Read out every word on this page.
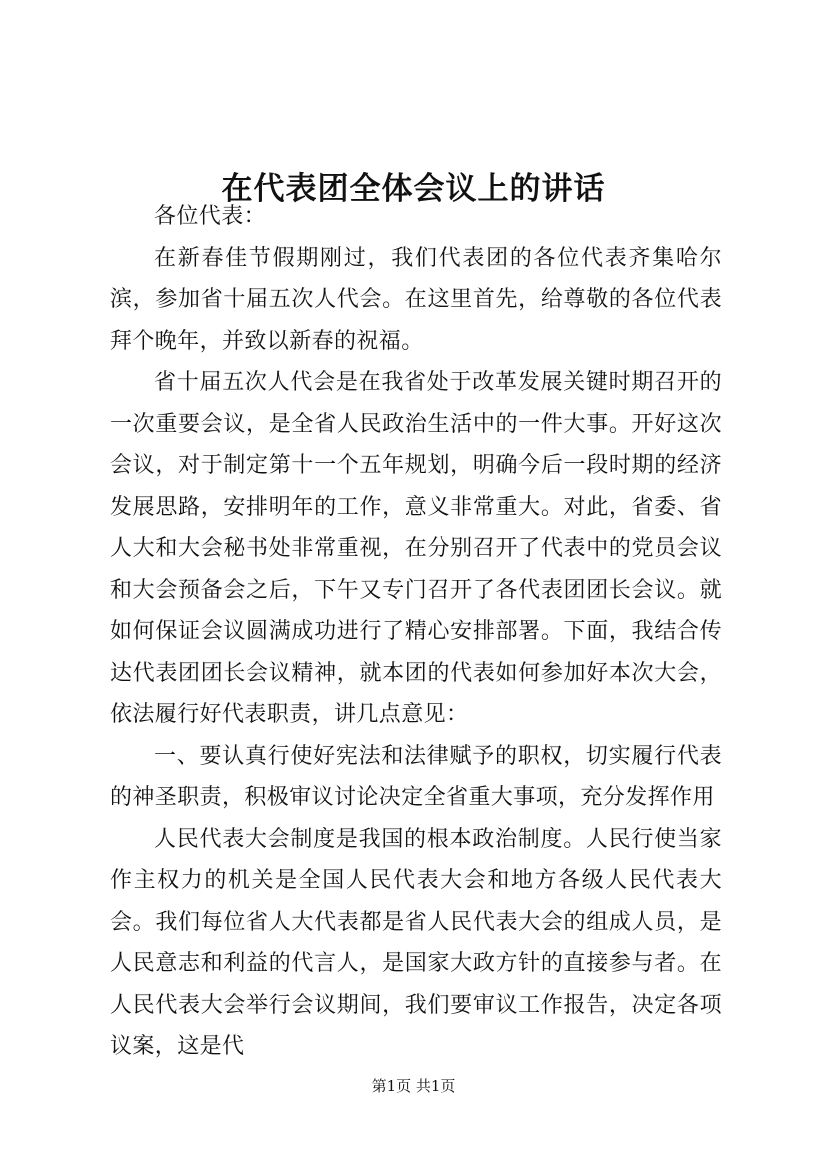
在代表团全体会议上的讲话

各位代表：

在新春佳节假期刚过，我们代表团的各位代表齐集哈尔滨，参加省十届五次人代会。在这里首先，给尊敬的各位代表拜个晚年，并致以新春的祝福。

省十届五次人代会是在我省处于改革发展关键时期召开的一次重要会议，是全省人民政治生活中的一件大事。开好这次会议，对于制定第十一个五年规划，明确今后一段时期的经济发展思路，安排明年的工作，意义非常重大。对此，省委、省人大和大会秘书处非常重视，在分别召开了代表中的党员会议和大会预备会之后，下午又专门召开了各代表团团长会议。就如何保证会议圆满成功进行了精心安排部署。下面，我结合传达代表团团长会议精神，就本团的代表如何参加好本次大会，依法履行好代表职责，讲几点意见：

一、要认真行使好宪法和法律赋予的职权，切实履行代表的神圣职责，积极审议讨论决定全省重大事项，充分发挥作用

人民代表大会制度是我国的根本政治制度。人民行使当家作主权力的机关是全国人民代表大会和地方各级人民代表大会。我们每位省人大代表都是省人民代表大会的组成人员，是人民意志和利益的代言人，是国家大政方针的直接参与者。在人民代表大会举行会议期间，我们要审议工作报告，决定各项议案，这是代

第1页 共1页
